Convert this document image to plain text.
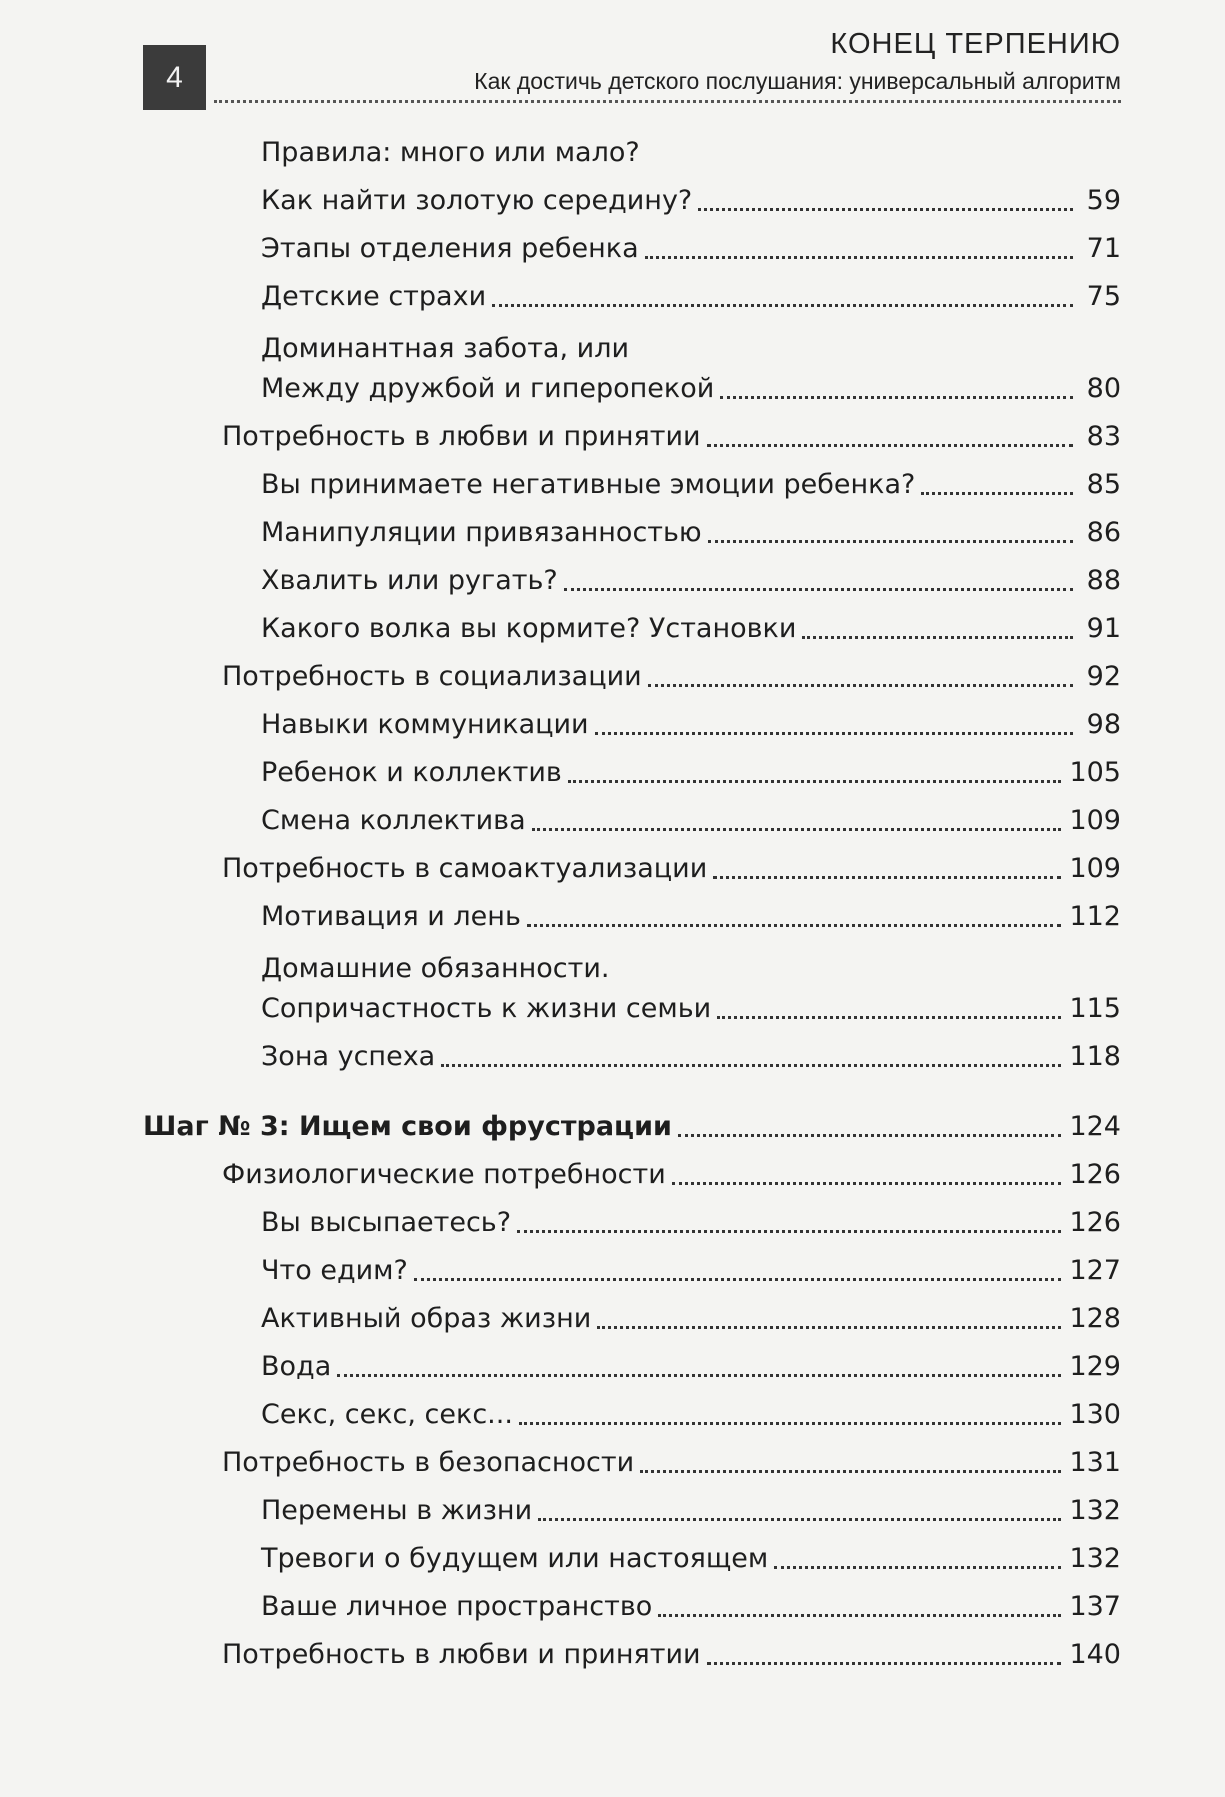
4
КОНЕЦ ТЕРПЕНИЮ
Как достичь детского послушания: универсальный алгоритм
Правила: много или мало?
Как найти золотую середину?	59
Этапы отделения ребенка	71
Детские страхи	75
Доминантная забота, или
Между дружбой и гиперопекой	80
Потребность в любви и принятии	83
Вы принимаете негативные эмоции ребенка?	85
Манипуляции привязанностью	86
Хвалить или ругать?	88
Какого волка вы кормите? Установки	91
Потребность в социализации	92
Навыки коммуникации	98
Ребенок и коллектив	105
Смена коллектива	109
Потребность в самоактуализации	109
Мотивация и лень	112
Домашние обязанности.
Сопричастность к жизни семьи	115
Зона успеха	118
Шаг № 3: Ищем свои фрустрации	124
Физиологические потребности	126
Вы высыпаетесь?	126
Что едим?	127
Активный образ жизни	128
Вода	129
Секс, секс, секс...	130
Потребность в безопасности	131
Перемены в жизни	132
Тревоги о будущем или настоящем	132
Ваше личное пространство	137
Потребность в любви и принятии	140
